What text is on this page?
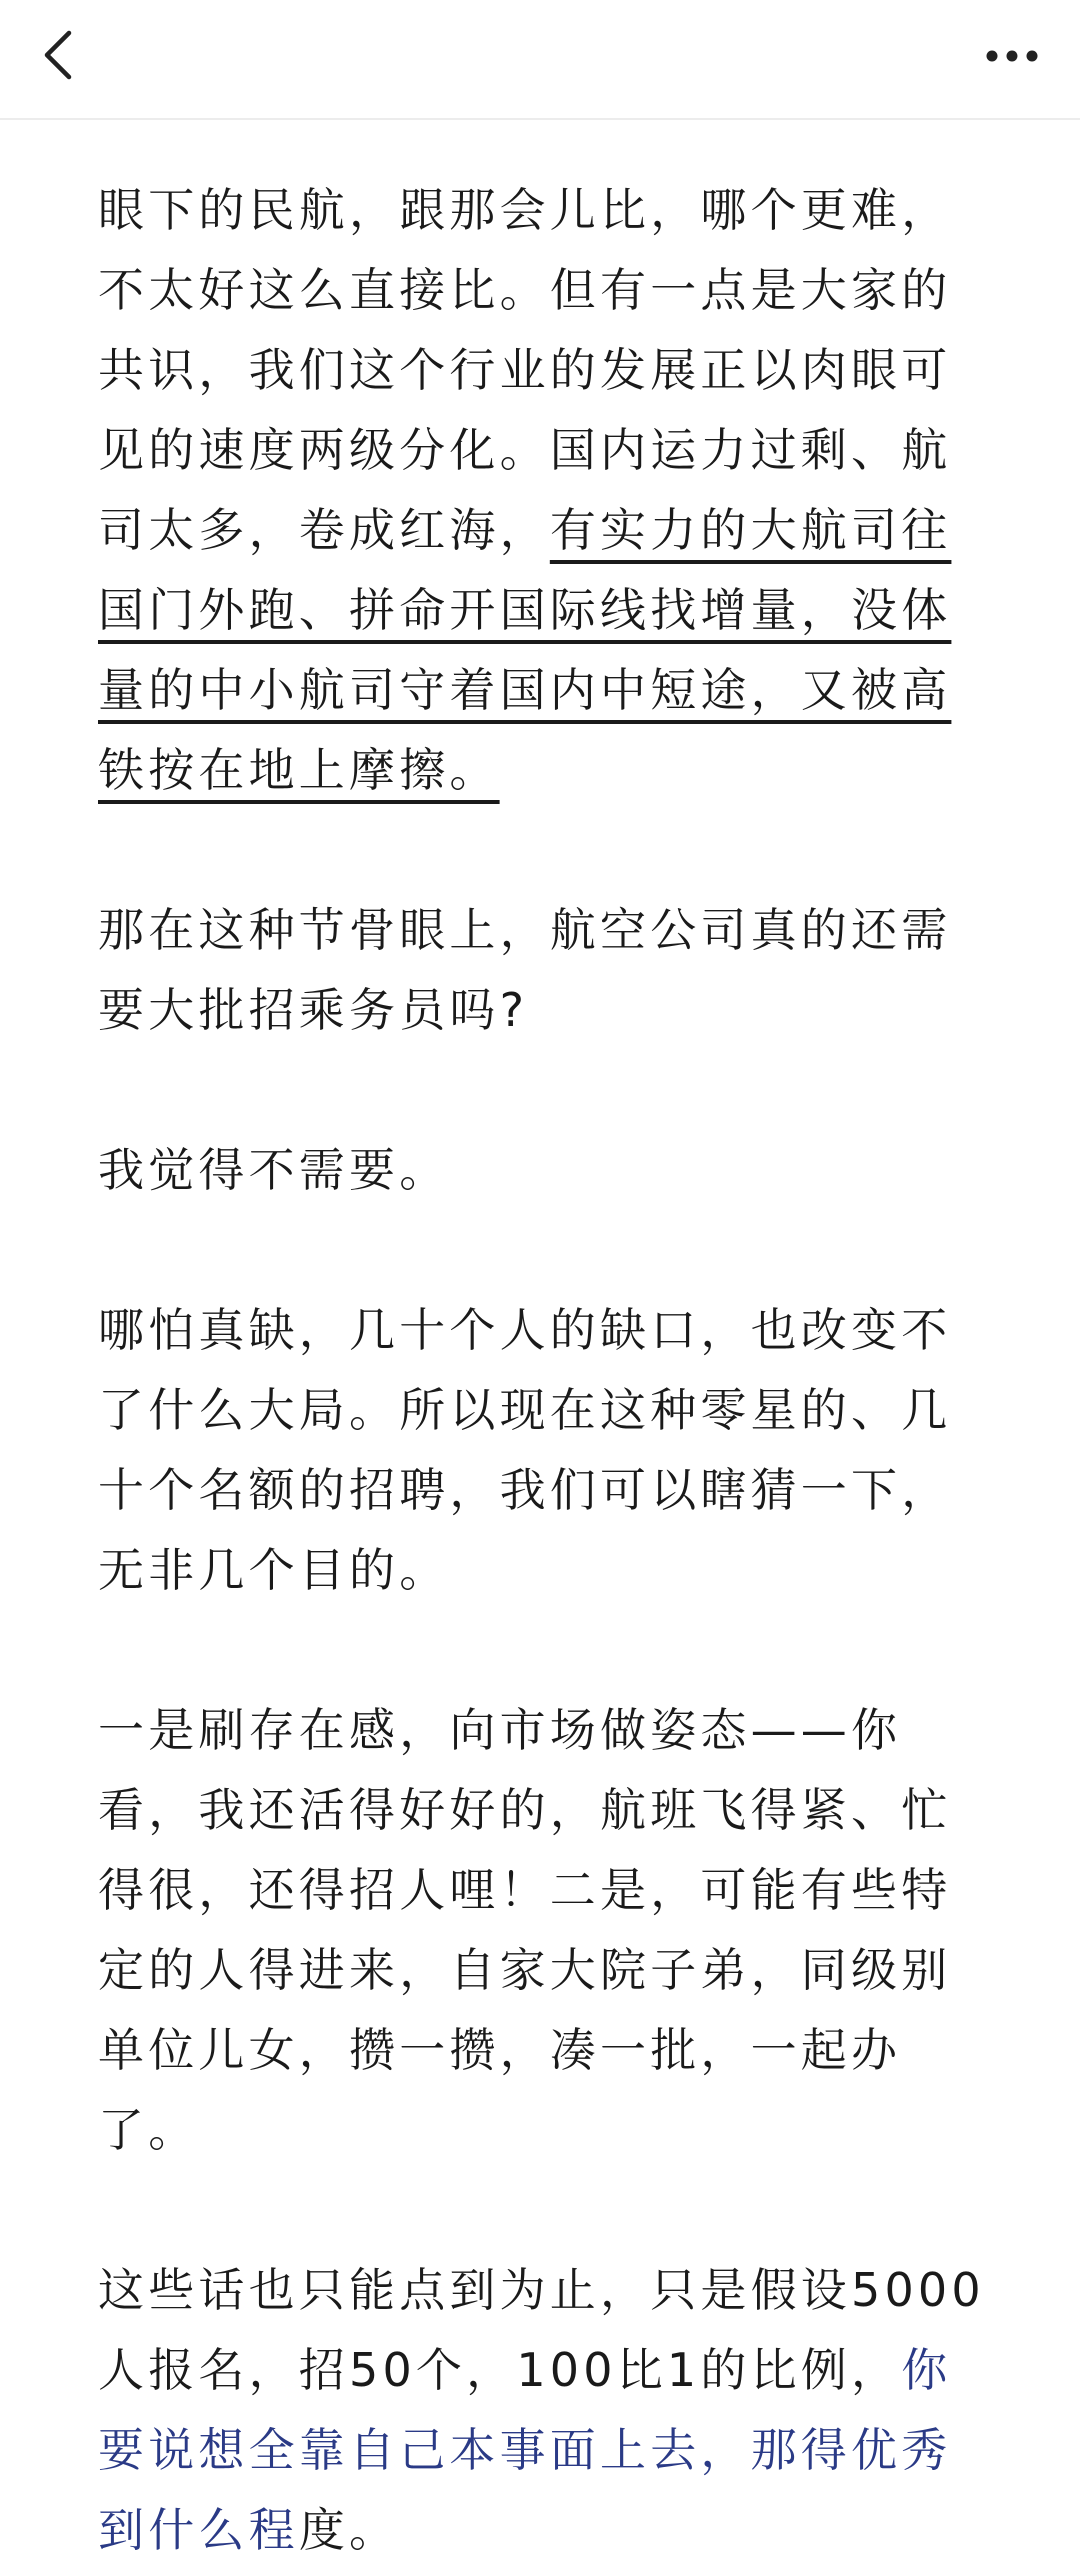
眼下的民航，跟那会儿比，哪个更难，不太好这么直接比。但有一点是大家的共识，我们这个行业的发展正以肉眼可见的速度两级分化。国内运力过剩、航司太多，卷成红海，有实力的大航司往国门外跑、拼命开国际线找增量，没体量的中小航司守着国内中短途，又被高铁按在地上摩擦。

那在这种节骨眼上，航空公司真的还需要大批招乘务员吗?

我觉得不需要。

哪怕真缺，几十个人的缺口，也改变不了什么大局。所以现在这种零星的、几十个名额的招聘，我们可以瞎猜一下，无非几个目的。

一是刷存在感，向市场做姿态——你看，我还活得好好的，航班飞得紧、忙得很，还得招人哩！二是，可能有些特定的人得进来，自家大院子弟，同级别单位儿女，攒一攒，凑一批，一起办了。

这些话也只能点到为止，只是假设5000人报名，招50个，100比1的比例，你要说想全靠自己本事面上去，那得优秀到什么程度。
